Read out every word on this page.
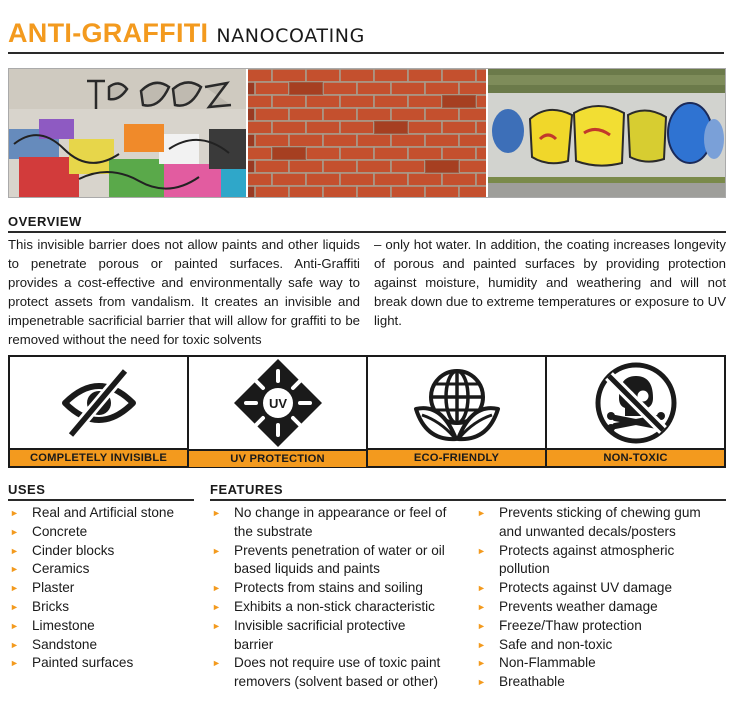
ANTI-GRAFFITI NANOCOATING
OVERVIEW

This invisible barrier does not allow paints and other liquids to penetrate porous or painted surfaces. Anti-Graffiti provides a cost-effective and environmentally safe way to protect assets from vandalism. It creates an invisible and impenetrable sacrificial barrier that will allow for graffiti to be removed without the need for toxic solvents

– only hot water. In addition, the coating increases longevity of porous and painted surfaces by providing protection against moisture, humidity and weathering and will not break down due to extreme temperatures or exposure to UV light.

COMPLETELY INVISIBLE
UV
UV PROTECTION	ECO-FRIENDLY	NON-TOXIC
USES
► Real and Artificial stone
► Concrete
► Cinder blocks
► Ceramics
► Plaster
► Bricks
► Limestone
► Sandstone
► Painted surfaces
FEATURES
► No change in appearance or feel of
the substrate
► Prevents penetration of water or oil
based liquids and paints
► Protects from stains and soiling
► Exhibits a non-stick characteristic
► Invisible sacrificial protective
barrier
► Does not require use of toxic paint
removers (solvent based or other)
► Prevents sticking of chewing gum
and unwanted decals/posters
► Protects against atmospheric
pollution
► Protects against UV damage
► Prevents weather damage
► Freeze/Thaw protection
► Safe and non-toxic
► Non-Flammable
► Breathable
